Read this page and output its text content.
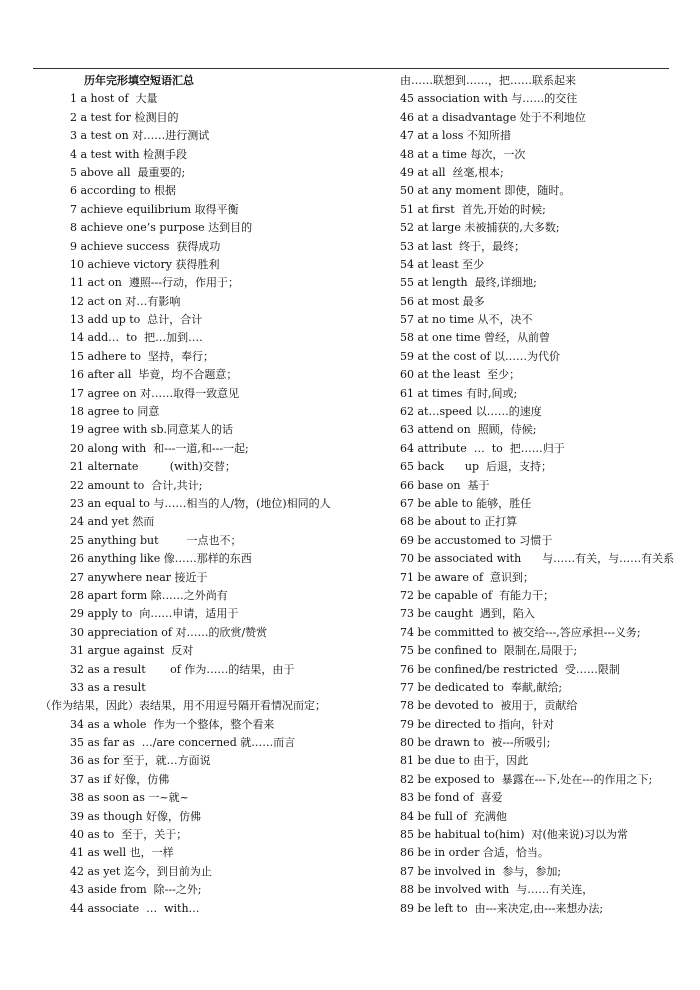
历年完形填空短语汇总
1 a host of  大量
2 a test for 检测目的
3 a test on 对……进行测试
4 a test with 检测手段
5 above all  最重要的;
6 according to 根据
7 achieve equilibrium 取得平衡
8 achieve one’s purpose 达到目的
9 achieve success  获得成功
10 achieve victory 获得胜利
11 act on  遵照---行动，作用于；
12 act on 对…有影响
13 add up to  总计，合计
14 add…  to  把…加到….
15 adhere to  坚持，奉行；
16 after all  毕竟，均不合题意；
17 agree on 对……取得一致意见
18 agree to 同意
19 agree with sb.同意某人的话
20 along with  和---一道,和---一起;
21 alternate         (with)交替；
22 amount to  合计,共计;
23 an equal to 与……相当的人/物，(地位)相同的人
24 and yet 然而
25 anything but        一点也不；
26 anything like 像……那样的东西
27 anywhere near 接近于
28 apart form 除……之外尚有
29 apply to  向……申请，适用于
30 appreciation of 对……的欣赏/赞赏
31 argue against  反对
32 as a result       of 作为……的结果，由于
33 as a result
（作为结果，因此）表结果，用不用逗号隔开看情况而定；
34 as a whole  作为一个整体，整个看来
35 as far as  …/are concerned 就……而言
36 as for 至于，就…方面说
37 as if 好像，仿佛
38 as soon as 一~就~
39 as though 好像，仿佛
40 as to  至于，关于；
41 as well 也，一样
42 as yet 迄今，到目前为止
43 aside from  除---之外;
44 associate  …  with…
由……联想到……，把……联系起来
45 association with 与……的交往
46 at a disadvantage 处于不利地位
47 at a loss 不知所措
48 at a time 每次，一次
49 at all  丝毫,根本;
50 at any moment 即使，随时。
51 at first  首先,开始的时候;
52 at large 未被捕获的,大多数;
53 at last  终于，最终；
54 at least 至少
55 at length  最终,详细地;
56 at most 最多
57 at no time 从不，决不
58 at one time 曾经，从前曾
59 at the cost of 以……为代价
60 at the least  至少；
61 at times 有时,间或;
62 at…speed 以……的速度
63 attend on  照顾，侍候;
64 attribute  …  to  把……归于
65 back      up  后退，支持；
66 base on  基于
67 be able to 能够，胜任
68 be about to 正打算
69 be accustomed to 习惯于
70 be associated with      与……有关，与……有关系
71 be aware of  意识到；
72 be capable of  有能力干；
73 be caught  遇到，陷入
74 be committed to 被交给---,答应承担---义务;
75 be confined to  限制在,局限于;
76 be confined/be restricted  受……限制
77 be dedicated to  奉献,献给;
78 be devoted to  被用于，贡献给
79 be directed to 指向，针对
80 be drawn to  被---所吸引;
81 be due to 由于，因此
82 be exposed to  暴露在---下,处在---的作用之下;
83 be fond of  喜爱
84 be full of  充满他
85 be habitual to(him)  对(他来说)习以为常
86 be in order 合适，恰当。
87 be involved in  参与，参加;
88 be involved with  与……有关连，
89 be left to  由---来决定,由---来想办法;
